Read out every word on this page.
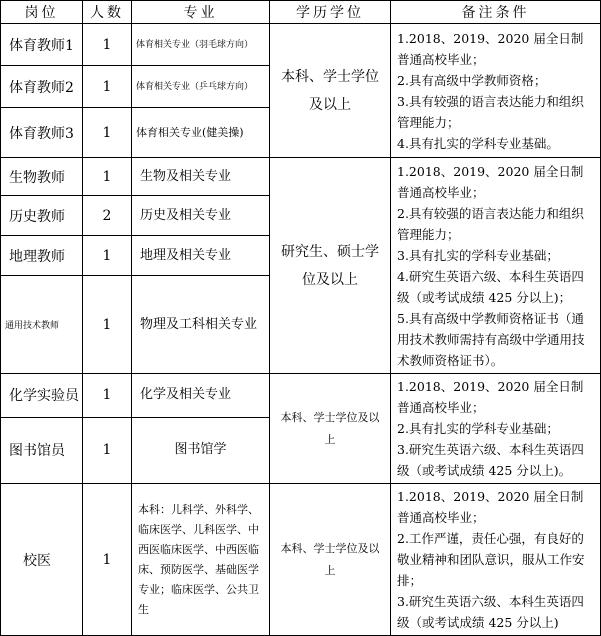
岗位	人数	专业	学历学位	备注条件
体育教师1	1	体育相关专业（羽毛球方向）	本科、学士学位及以上	1.2018、2019、2020 届全日制普通高校毕业；
2.具有高级中学教师资格；
3.具有较强的语言表达能力和组织管理能力；
4.具有扎实的学科专业基础。

体育教师2	1	体育相关专业（乒乓球方向）		
体育教师3	1	体育相关专业(健美操)		
生物教师	1	生物及相关专业	研究生、硕士学位及以上	1.2018、2019、2020 届全日制普通高校毕业；
2.具有较强的语言表达能力和组织管理能力；
3.具有扎实的学科专业基础；
4.研究生英语六级、本科生英语四级（或考试成绩 425 分以上)；
5.具有高级中学教师资格证书（通用技术教师需持有高级中学通用技术教师资格证书）。

历史教师	2	历史及相关专业		
地理教师	1	地理及相关专业		
通用技术教师	1	物理及工科相关专业		
化学实验员	1	化学及相关专业	本科、学士学位及以上	1.2018、2019、2020 届全日制普通高校毕业；
2.具有扎实的学科专业基础；
3.研究生英语六级、本科生英语四级（或考试成绩 425 分以上)。

图书馆员	1	图书馆学		
校医	1	本科：儿科学、外科学、临床医学、儿科医学、中西医临床医学、中西医临床、预防医学、基础医学专业；临床医学、公共卫生	本科、学士学位及以上	1.2018、2019、2020 届全日制普通高校毕业；
2.工作严谨，责任心强，有良好的敬业精神和团队意识，服从工作安排；
3.研究生英语六级、本科生英语四级（或考试成绩 425 分以上)
